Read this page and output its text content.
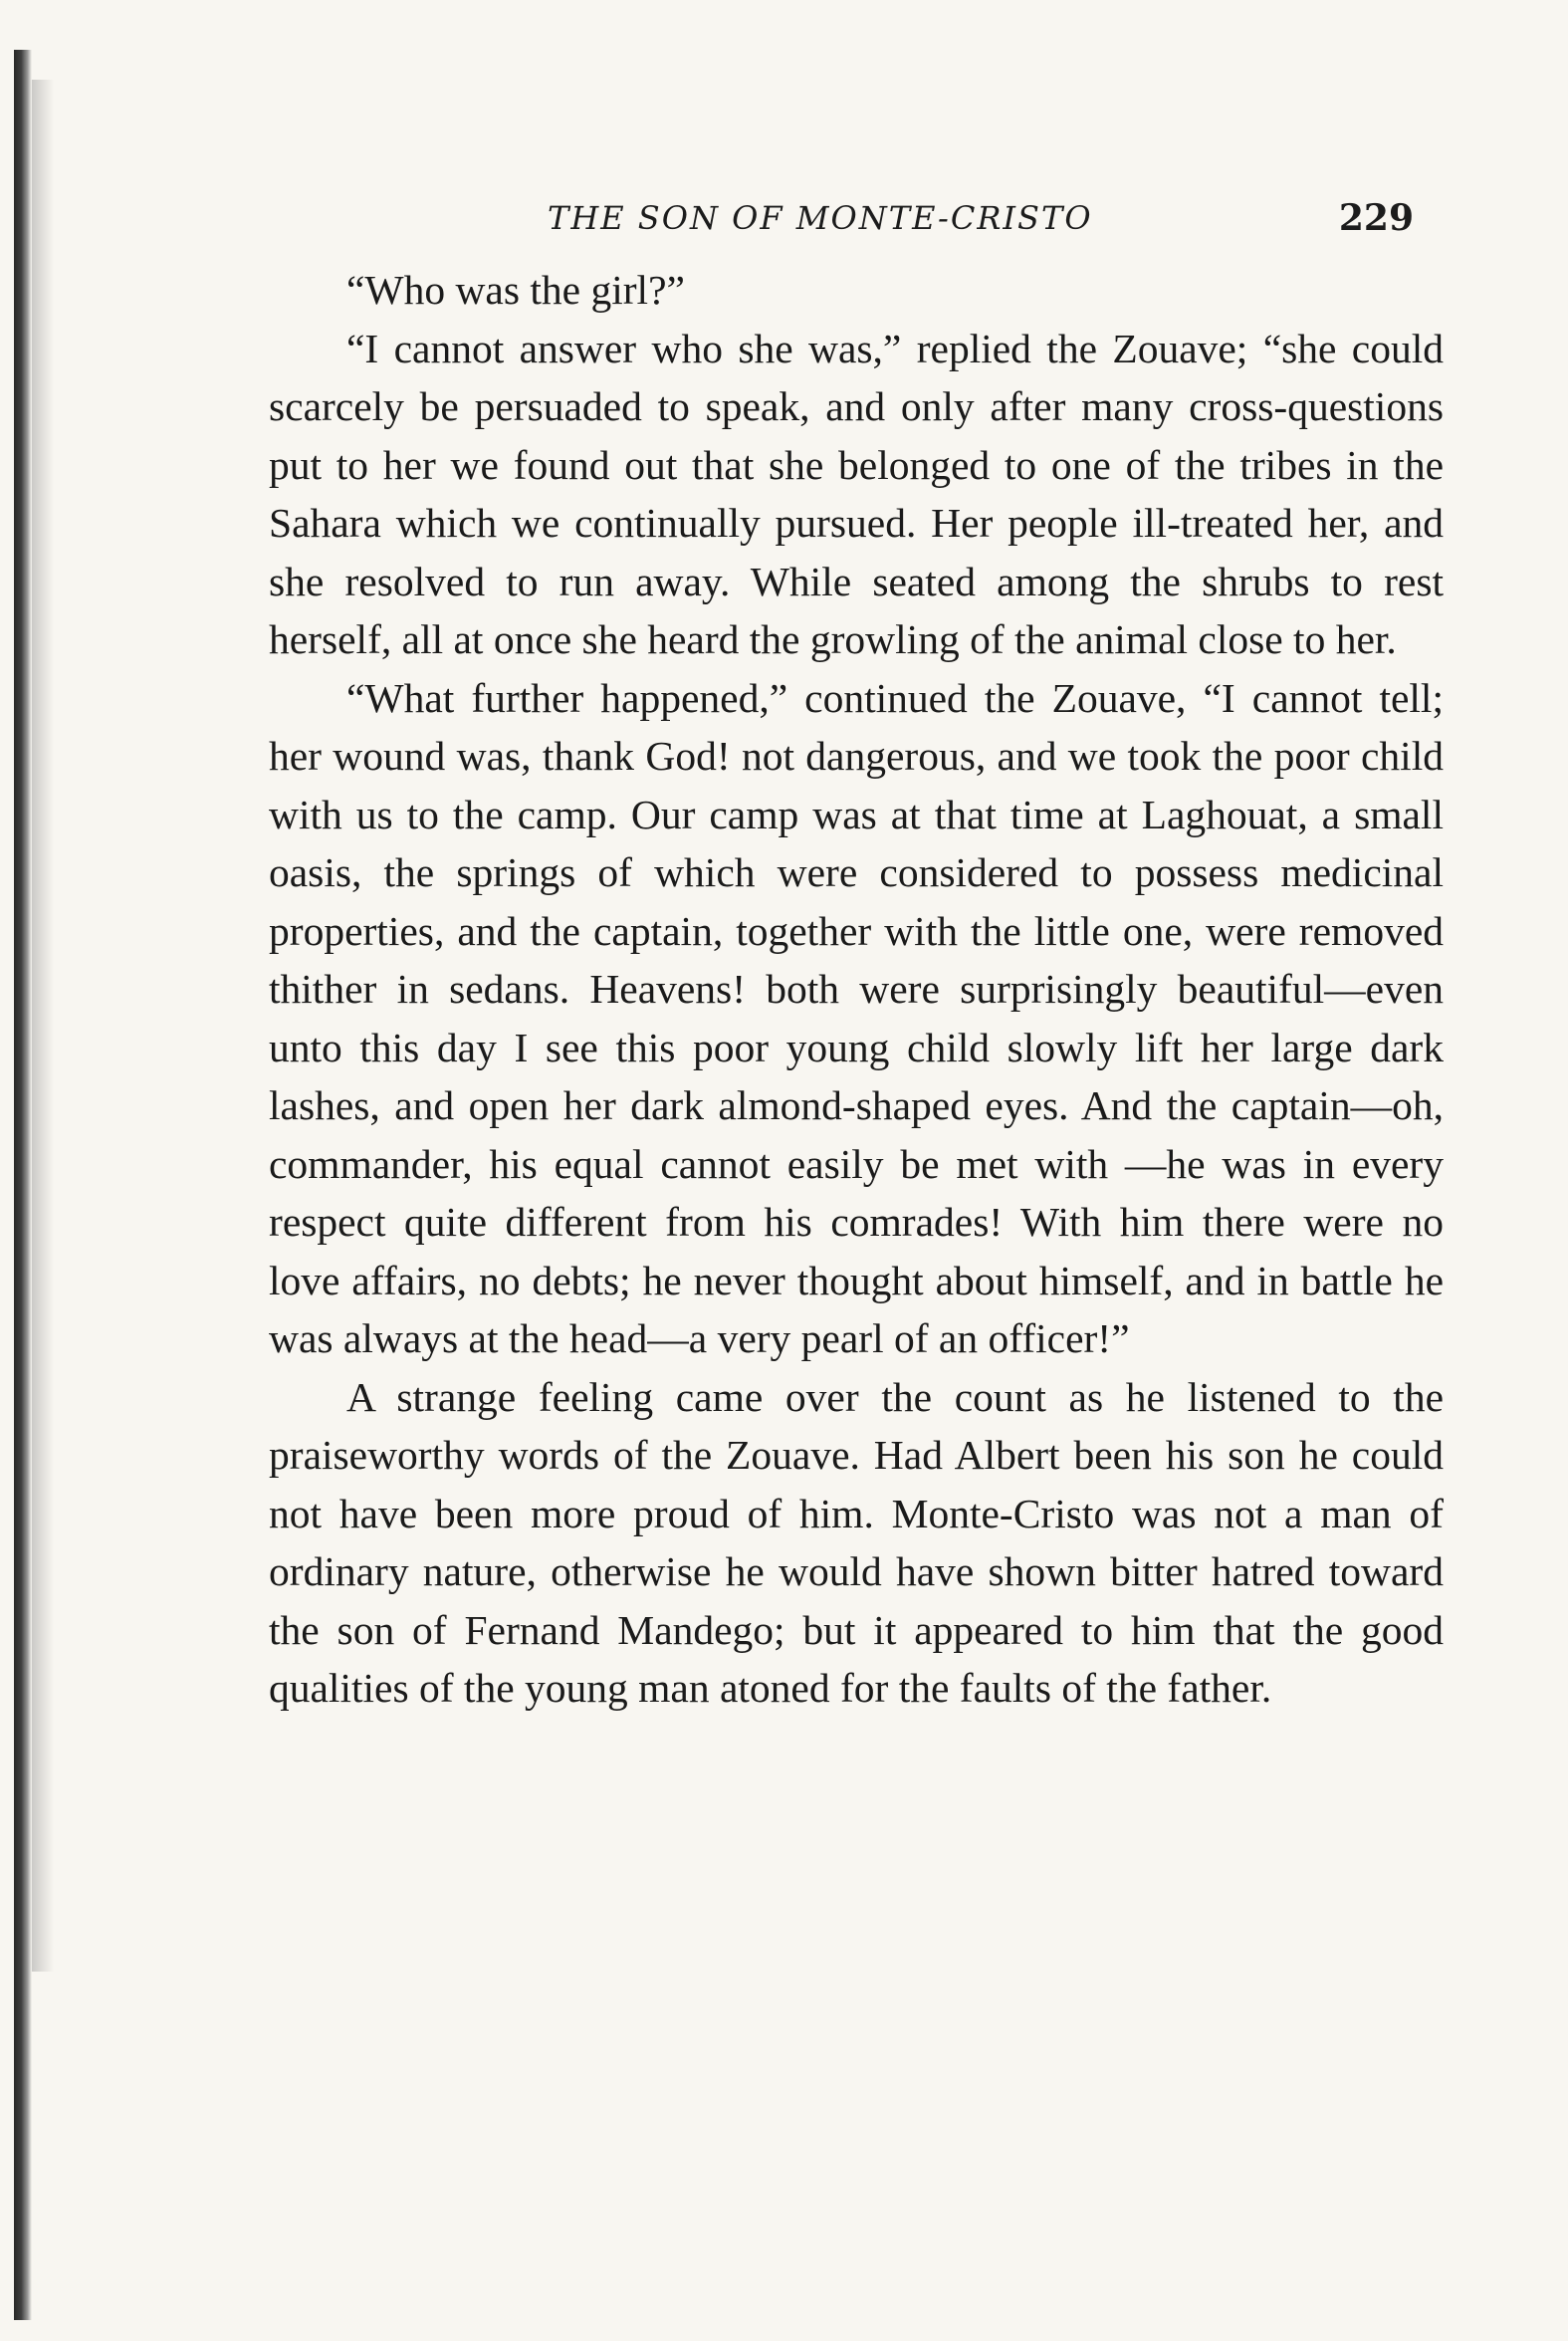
THE SON OF MONTE-CRISTO	229

“Who was the girl?”

“I cannot answer who she was,” replied the Zouave; “she could scarcely be persuaded to speak, and only after many cross-questions put to her we found out that she belonged to one of the tribes in the Sahara which we continually pursued. Her people ill-treated her, and she resolved to run away. While seated among the shrubs to rest herself, all at once she heard the growling of the animal close to her.

“What further happened,” continued the Zouave, “I cannot tell; her wound was, thank God! not dangerous, and we took the poor child with us to the camp. Our camp was at that time at Laghouat, a small oasis, the springs of which were considered to possess medicinal properties, and the captain, together with the little one, were removed thither in sedans. Heavens! both were surprisingly beautiful—even unto this day I see this poor young child slowly lift her large dark lashes, and open her dark almond-shaped eyes. And the captain—oh, commander, his equal cannot easily be met with —he was in every respect quite different from his comrades! With him there were no love affairs, no debts; he never thought about himself, and in battle he was always at the head—a very pearl of an officer!”

A strange feeling came over the count as he listened to the praiseworthy words of the Zouave. Had Albert been his son he could not have been more proud of him. Monte-Cristo was not a man of ordinary nature, otherwise he would have shown bitter hatred toward the son of Fernand Mandego; but it appeared to him that the good qualities of the young man atoned for the faults of the father.
